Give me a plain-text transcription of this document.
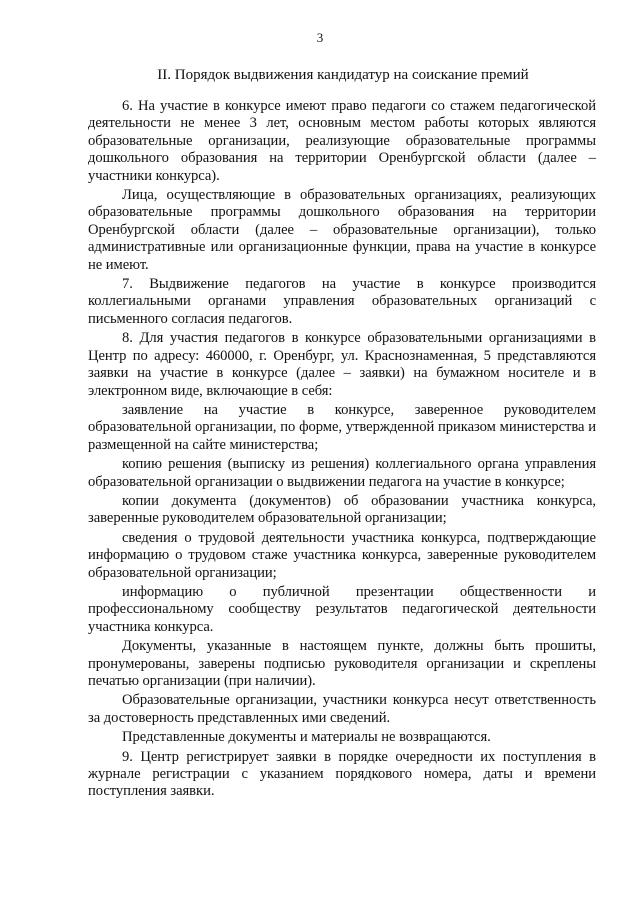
3
II. Порядок выдвижения кандидатур на соискание премий

6. На участие в конкурсе имеют право педагоги со стажем педагогической деятельности не менее 3 лет, основным местом работы которых являются образовательные организации, реализующие образовательные программы дошкольного образования на территории Оренбургской области (далее – участники конкурса).

Лица, осуществляющие в образовательных организациях, реализующих образовательные программы дошкольного образования на территории Оренбургской области (далее – образовательные организации), только административные или организационные функции, права на участие в конкурсе не имеют.

7. Выдвижение педагогов на участие в конкурсе производится коллегиальными органами управления образовательных организаций с письменного согласия педагогов.

8. Для участия педагогов в конкурсе образовательными организациями в Центр по адресу: 460000, г. Оренбург, ул. Краснознаменная, 5 представляются заявки на участие в конкурсе (далее – заявки) на бумажном носителе и в электронном виде, включающие в себя:

заявление на участие в конкурсе, заверенное руководителем образовательной организации, по форме, утвержденной приказом министерства и размещенной на сайте министерства;

копию решения (выписку из решения) коллегиального органа управления образовательной организации о выдвижении педагога на участие в конкурсе;

копии документа (документов) об образовании участника конкурса, заверенные руководителем образовательной организации;

сведения о трудовой деятельности участника конкурса, подтверждающие информацию о трудовом стаже участника конкурса, заверенные руководителем образовательной организации;

информацию о публичной презентации общественности и профессиональному сообществу результатов педагогической деятельности участника конкурса.

Документы, указанные в настоящем пункте, должны быть прошиты, пронумерованы, заверены подписью руководителя организации и скреплены печатью организации (при наличии).

Образовательные организации, участники конкурса несут ответственность за достоверность представленных ими сведений.

Представленные документы и материалы не возвращаются.

9. Центр регистрирует заявки в порядке очередности их поступления в журнале регистрации с указанием порядкового номера, даты и времени поступления заявки.
